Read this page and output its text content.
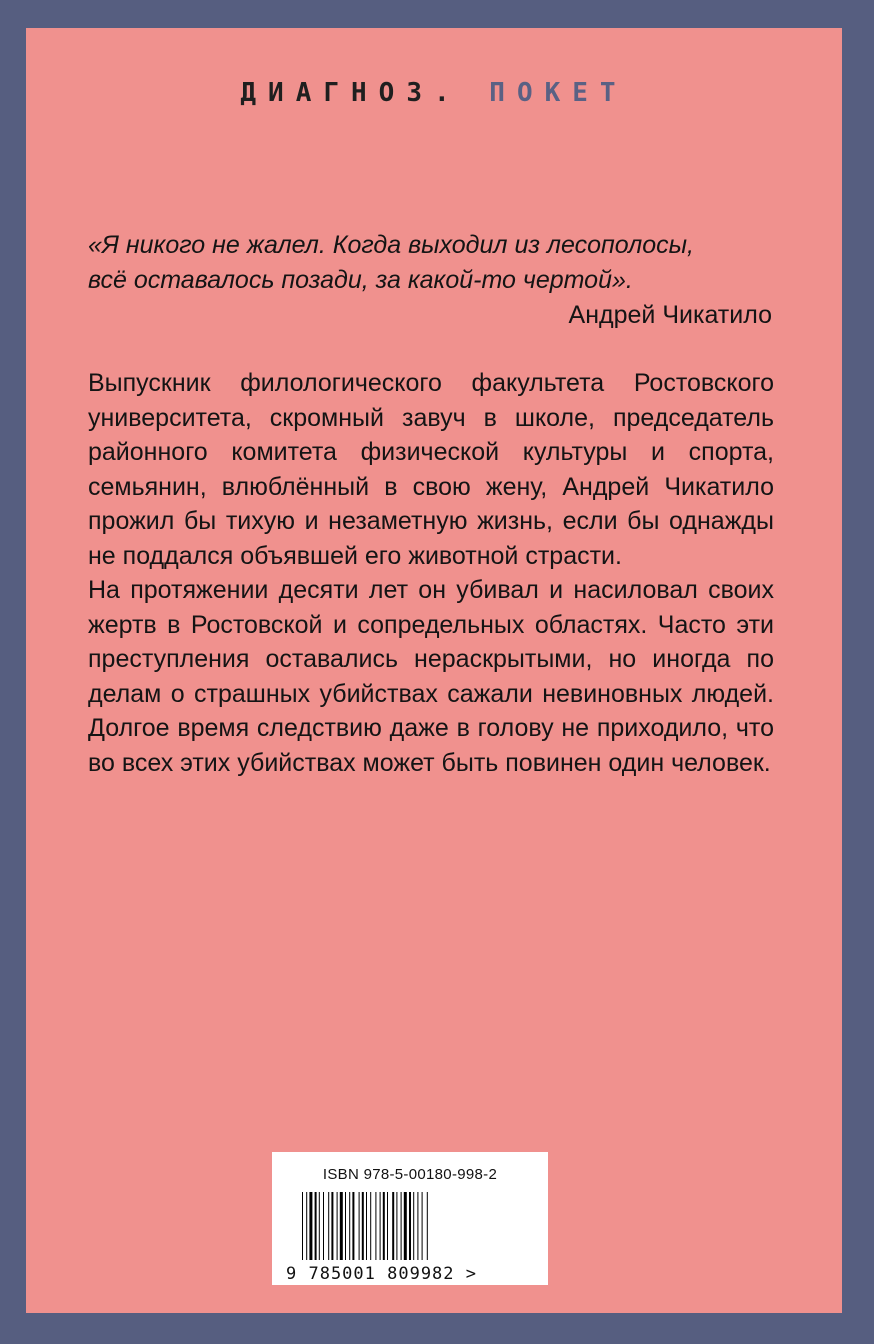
ДИАГНОЗ. ПОКЕТ

«Я никого не жалел. Когда выходил из лесополосы,

всё оставалось позади, за какой-то чертой».

Андрей Чикатило

Выпускник филологического факультета Ростовского университета, скромный завуч в школе, председатель районного комитета физической культуры и спорта, семьянин, влюблённый в свою жену, Андрей Чикатило прожил бы тихую и незаметную жизнь, если бы однажды не поддался объявшей его животной страсти.

На протяжении десяти лет он убивал и насиловал своих жертв в Ростовской и сопредельных областях. Часто эти преступления оставались нераскрытыми, но иногда по делам о страшных убийствах сажали невиновных людей. Долгое время следствию даже в голову не приходило, что во всех этих убийствах может быть повинен один человек.

ISBN 978-5-00180-998-2
9 785001 809982 >
